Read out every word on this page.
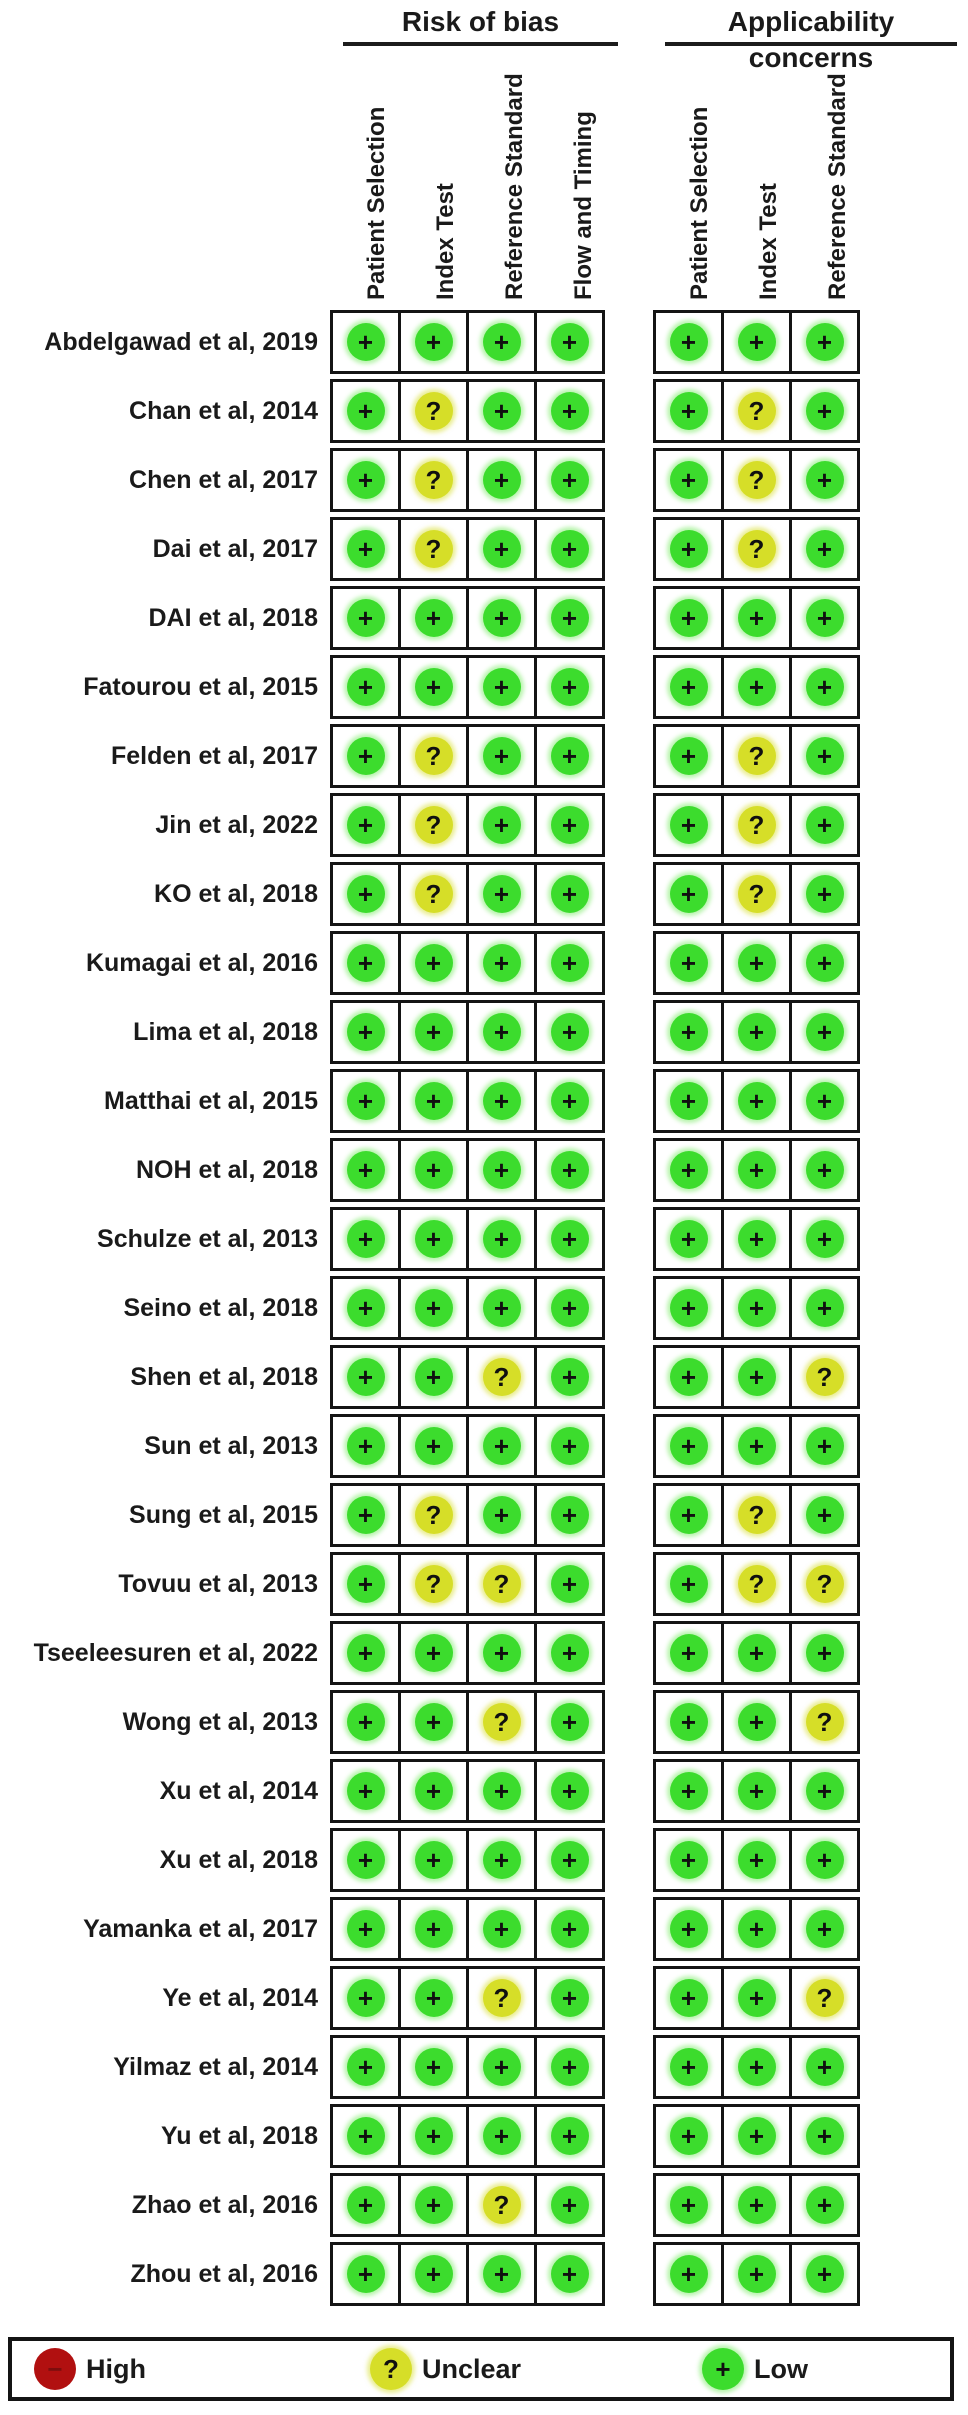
Risk of bias	Applicability concerns
Patient Selection Index Test Reference Standard Flow and Timing	Patient Selection Index Test Reference Standard
Abdelgawad et al, 2019	+ + + +	+ + +
Chan et al, 2014	+ ? + +	+ ? +
Chen et al, 2017	+ ? + +	+ ? +
Dai et al, 2017	+ ? + +	+ ? +
DAI et al, 2018	+ + + +	+ + +
Fatourou et al, 2015	+ + + +	+ + +
Felden et al, 2017	+ ? + +	+ ? +
Jin et al, 2022	+ ? + +	+ ? +
KO et al, 2018	+ ? + +	+ ? +
Kumagai et al, 2016	+ + + +	+ + +
Lima et al, 2018	+ + + +	+ + +
Matthai et al, 2015	+ + + +	+ + +
NOH et al, 2018	+ + + +	+ + +
Schulze et al, 2013	+ + + +	+ + +
Seino et al, 2018	+ + + +	+ + +
Shen et al, 2018	+ + ? +	+ + ?
Sun et al, 2013	+ + + +	+ + +
Sung et al, 2015	+ ? + +	+ ? +
Tovuu et al, 2013	+ ? ? +	+ ? ?
Tseeleesuren et al, 2022	+ + + +	+ + +
Wong et al, 2013	+ + ? +	+ + ?
Xu et al, 2014	+ + + +	+ + +
Xu et al, 2018	+ + + +	+ + +
Yamanka et al, 2017	+ + + +	+ + +
Ye et al, 2014	+ + ? +	+ + ?
Yilmaz et al, 2014	+ + + +	+ + +
Yu et al, 2018	+ + + +	+ + +
Zhao et al, 2016	+ + ? +	+ + +
Zhou et al, 2016	+ + + +	+ + +
− High	? Unclear	+ Low
